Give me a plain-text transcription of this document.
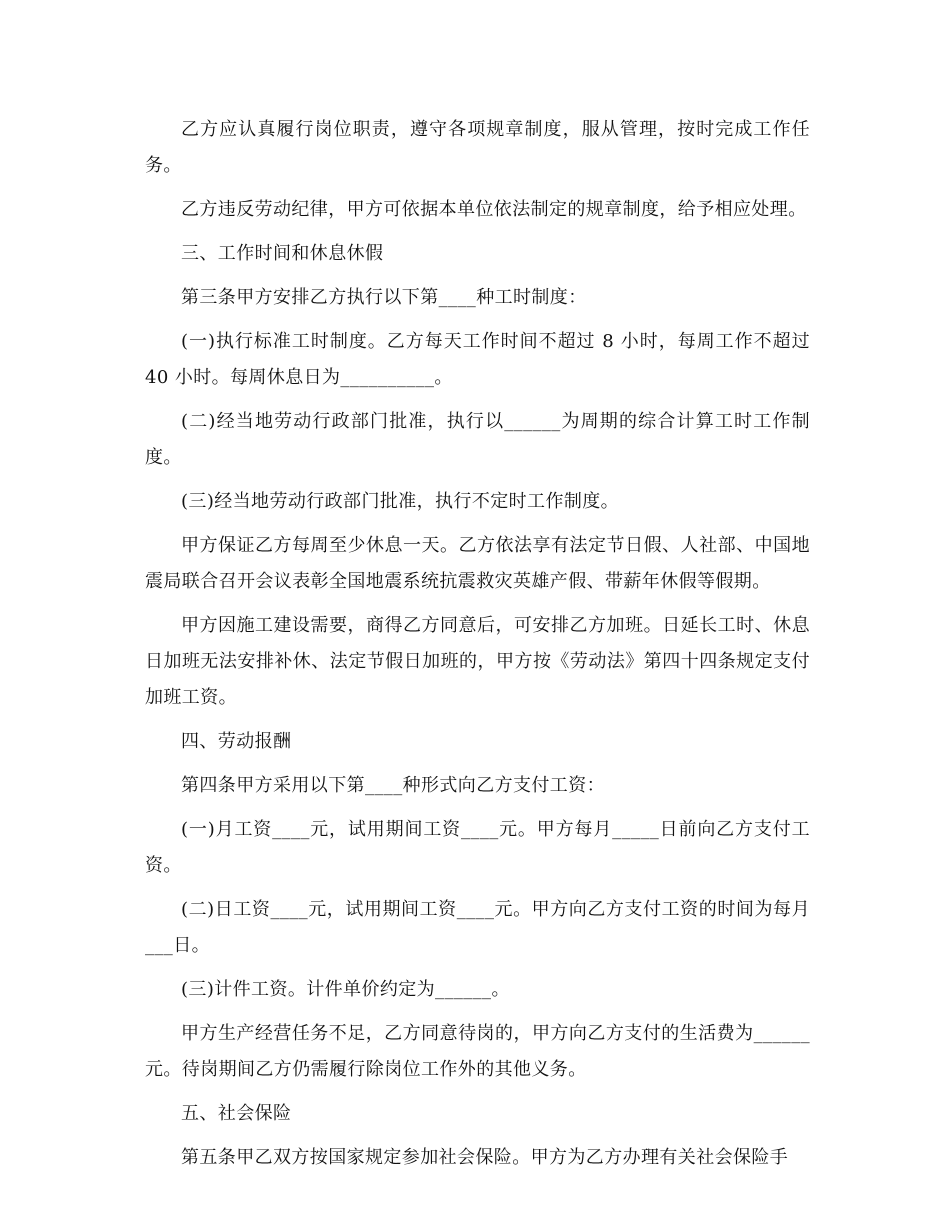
乙方应认真履行岗位职责，遵守各项规章制度，服从管理，按时完成工作任务。

乙方违反劳动纪律，甲方可依据本单位依法制定的规章制度，给予相应处理。

三、工作时间和休息休假

第三条甲方安排乙方执行以下第____种工时制度：

(一)执行标准工时制度。乙方每天工作时间不超过 8 小时，每周工作不超过 40 小时。每周休息日为__________。

(二)经当地劳动行政部门批准，执行以______为周期的综合计算工时工作制度。

(三)经当地劳动行政部门批准，执行不定时工作制度。

甲方保证乙方每周至少休息一天。乙方依法享有法定节日假、人社部、中国地震局联合召开会议表彰全国地震系统抗震救灾英雄产假、带薪年休假等假期。

甲方因施工建设需要，商得乙方同意后，可安排乙方加班。日延长工时、休息日加班无法安排补休、法定节假日加班的，甲方按《劳动法》第四十四条规定支付加班工资。

四、劳动报酬

第四条甲方采用以下第____种形式向乙方支付工资：

(一)月工资____元，试用期间工资____元。甲方每月_____日前向乙方支付工资。

(二)日工资____元，试用期间工资____元。甲方向乙方支付工资的时间为每月___日。

(三)计件工资。计件单价约定为______。

甲方生产经营任务不足，乙方同意待岗的，甲方向乙方支付的生活费为______元。待岗期间乙方仍需履行除岗位工作外的其他义务。

五、社会保险

第五条甲乙双方按国家规定参加社会保险。甲方为乙方办理有关社会保险手
